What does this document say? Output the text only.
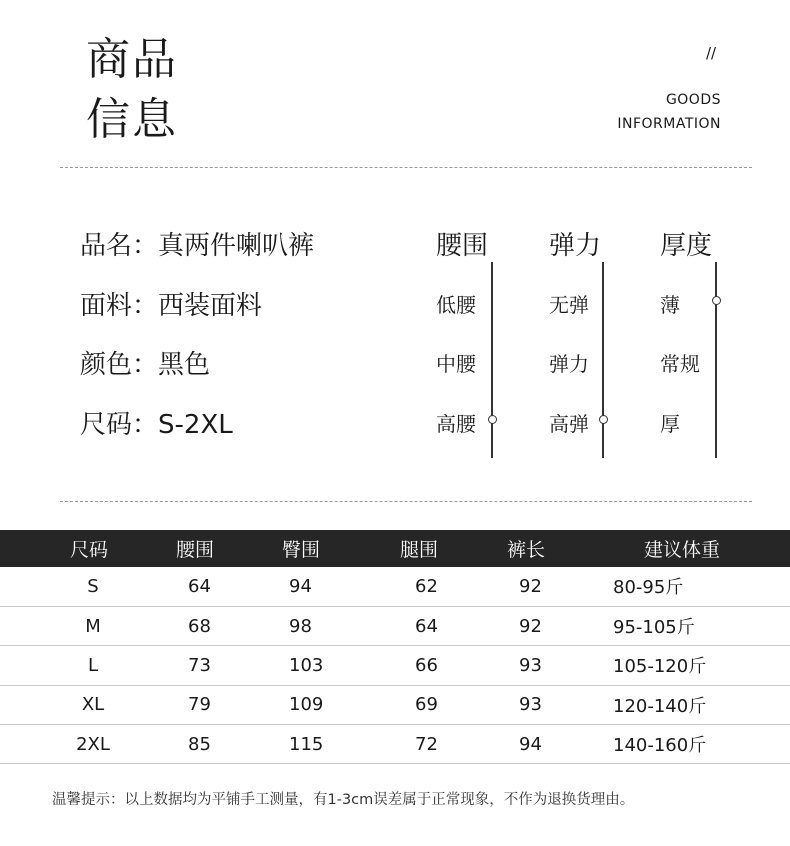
商品
信息
//
GOODS
INFORMATION
品名：真两件喇叭裤
面料：西装面料
颜色：黑色
尺码：S-2XL
腰围
低腰
中腰
高腰
弹力
无弹
弹力
高弹
厚度
薄
常规
厚
尺码	腰围	臀围	腿围	裤长	建议体重
S	64	94	62	92	80-95斤
M	68	98	64	92	95-105斤
L	73	103	66	93	105-120斤
XL	79	109	69	93	120-140斤
2XL	85	115	72	94	140-160斤
温馨提示：以上数据均为平铺手工测量，有1-3cm误差属于正常现象，不作为退换货理由。
